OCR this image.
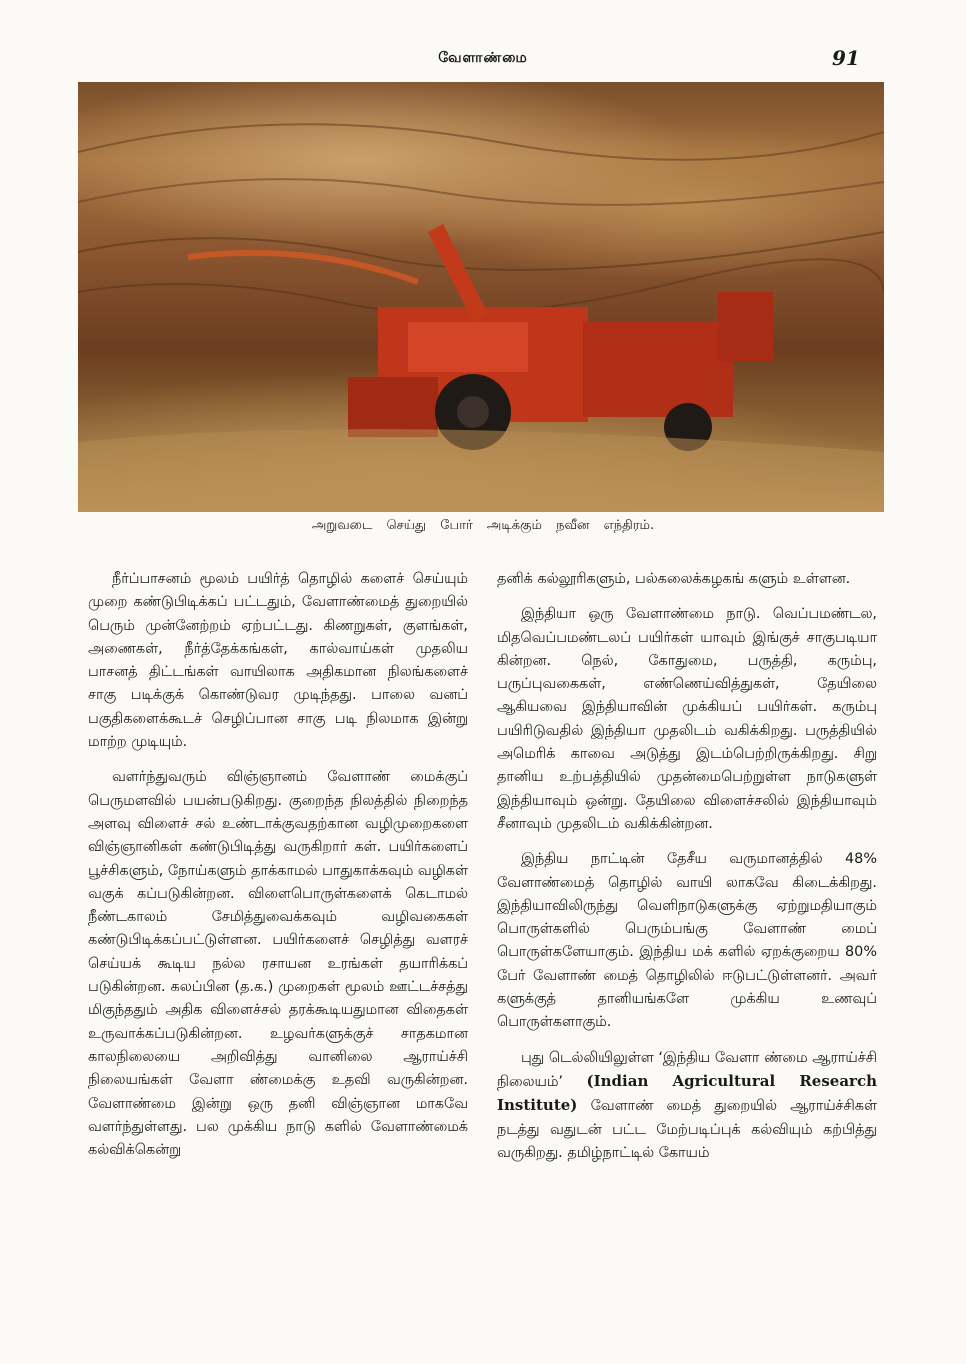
வேளாண்மை	91
அறுவடை செய்து போர் அடிக்கும் நவீன எந்திரம்.

நீர்ப்பாசனம் மூலம் பயிர்த் தொழில் களைச் செய்யும் முறை கண்டுபிடிக்கப் பட்டதும், வேளாண்மைத் துறையில் பெரும் முன்னேற்றம் ஏற்பட்டது. கிணறுகள், குளங்கள், அணைகள், நீர்த்தேக்கங்கள், கால்வாய்கள் முதலிய பாசனத் திட்டங்கள் வாயிலாக அதிகமான நிலங்களைச் சாகு படிக்குக் கொண்டுவர முடிந்தது. பாலை வனப் பகுதிகளைக்கூடச் செழிப்பான சாகு படி நிலமாக இன்று மாற்ற முடியும்.

வளர்ந்துவரும் விஞ்ஞானம் வேளாண் மைக்குப் பெருமளவில் பயன்படுகிறது. குறைந்த நிலத்தில் நிறைந்த அளவு விளைச் சல் உண்டாக்குவதற்கான வழிமுறைகளை விஞ்ஞானிகள் கண்டுபிடித்து வருகிறார் கள். பயிர்களைப் பூச்சிகளும், நோய்களும் தாக்காமல் பாதுகாக்கவும் வழிகள் வகுக் கப்படுகின்றன. விளைபொருள்களைக் கெடாமல் நீண்டகாலம் சேமித்துவைக்கவும் வழிவகைகள் கண்டுபிடிக்கப்பட்டுள்ளன. பயிர்களைச் செழித்து வளரச் செய்யக் கூடிய நல்ல ரசாயன உரங்கள் தயாரிக்கப் படுகின்றன. கலப்பின (த.க.) முறைகள் மூலம் ஊட்டச்சத்து மிகுந்ததும் அதிக விளைச்சல் தரக்கூடியதுமான விதைகள் உருவாக்கப்படுகின்றன. உழவர்களுக்குச் சாதகமான காலநிலையை அறிவித்து வானிலை ஆராய்ச்சி நிலையங்கள் வேளா ண்மைக்கு உதவி வருகின்றன. வேளாண்மை இன்று ஒரு தனி விஞ்ஞான மாகவே வளர்ந்துள்ளது. பல முக்கிய நாடு களில் வேளாண்மைக் கல்விக்கென்று

தனிக் கல்லூரிகளும், பல்கலைக்கழகங் களும் உள்ளன.

இந்தியா ஒரு வேளாண்மை நாடு. வெப்பமண்டல, மிதவெப்பமண்டலப் பயிர்கள் யாவும் இங்குச் சாகுபடியா கின்றன. நெல், கோதுமை, பருத்தி, கரும்பு, பருப்புவகைகள், எண்ணெய்வித்துகள், தேயிலை ஆகியவை இந்தியாவின் முக்கியப் பயிர்கள். கரும்பு பயிரிடுவதில் இந்தியா முதலிடம் வகிக்கிறது. பருத்தியில் அமெரிக் காவை அடுத்து இடம்பெற்றிருக்கிறது. சிறு தானிய உற்பத்தியில் முதன்மைபெற்றுள்ள நாடுகளுள் இந்தியாவும் ஒன்று. தேயிலை விளைச்சலில் இந்தியாவும் சீனாவும் முதலிடம் வகிக்கின்றன.

இந்திய நாட்டின் தேசீய வருமானத்தில் 48% வேளாண்மைத் தொழில் வாயி லாகவே கிடைக்கிறது. இந்தியாவிலிருந்து வெளிநாடுகளுக்கு ஏற்றுமதியாகும் பொருள்களில் பெரும்பங்கு வேளாண் மைப் பொருள்களேயாகும். இந்திய மக் களில் ஏறக்குறைய 80% பேர் வேளாண் மைத் தொழிலில் ஈடுபட்டுள்ளனர். அவர் களுக்குத் தானியங்களே முக்கிய உணவுப் பொருள்களாகும்.

புது டெல்லியிலுள்ள ‘இந்திய வேளா ண்மை ஆராய்ச்சி நிலையம்’ (Indian Agricultural Research Institute) வேளாண் மைத் துறையில் ஆராய்ச்சிகள் நடத்து வதுடன் பட்ட மேற்படிப்புக் கல்வியும் கற்பித்து வருகிறது. தமிழ்நாட்டில் கோயம்
